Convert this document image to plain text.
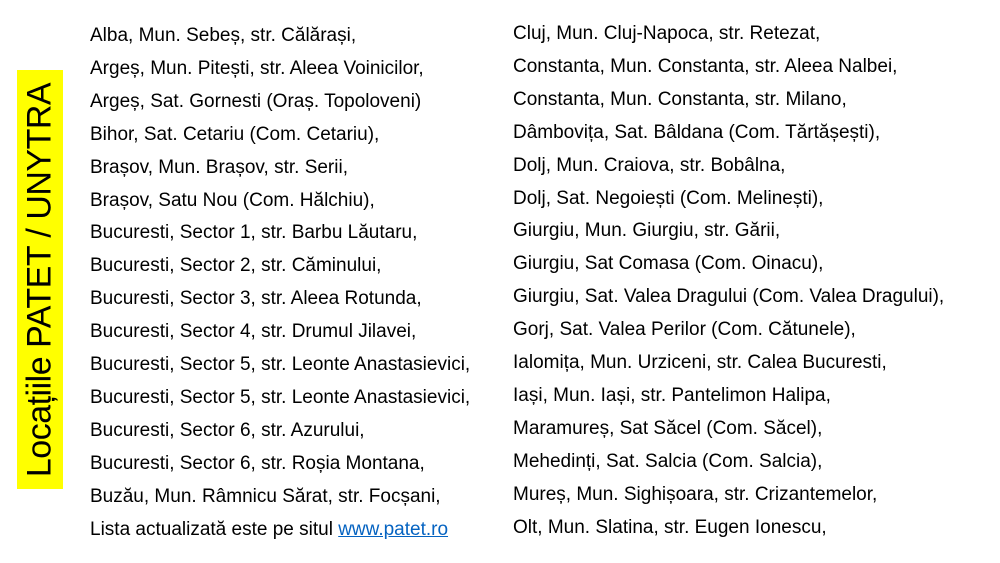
Locațiile PATET / UNYTRA

Alba, Mun. Sebeș, str. Călărași,

Argeș, Mun. Pitești, str. Aleea Voinicilor,

Argeș, Sat. Gornesti (Oraș. Topoloveni)

Bihor, Sat. Cetariu (Com. Cetariu),

Brașov, Mun. Brașov, str. Serii,

Brașov, Satu Nou (Com. Hălchiu),

Bucuresti, Sector 1, str. Barbu Lăutaru,

Bucuresti, Sector 2, str. Căminului,

Bucuresti, Sector 3, str. Aleea Rotunda,

Bucuresti, Sector 4, str. Drumul Jilavei,

Bucuresti, Sector 5, str. Leonte Anastasievici,

Bucuresti, Sector 5, str. Leonte Anastasievici,

Bucuresti, Sector 6, str. Azurului,

Bucuresti, Sector 6, str. Roșia Montana,

Buzău, Mun. Râmnicu Sărat, str. Focșani,

Lista actualizată este pe situl www.patet.ro

Cluj, Mun. Cluj-Napoca, str. Retezat,

Constanta, Mun. Constanta, str. Aleea Nalbei,

Constanta, Mun. Constanta, str. Milano,

Dâmbovița, Sat. Bâldana (Com. Tărtășești),

Dolj, Mun. Craiova, str. Bobâlna,

Dolj, Sat. Negoiești (Com. Melinești),

Giurgiu, Mun. Giurgiu, str. Gării,

Giurgiu, Sat Comasa (Com. Oinacu),

Giurgiu, Sat. Valea Dragului (Com. Valea Dragului),

Gorj, Sat. Valea Perilor (Com. Cătunele),

Ialomița, Mun. Urziceni, str. Calea Bucuresti,

Iași, Mun. Iași, str. Pantelimon Halipa,

Maramureș, Sat Săcel (Com. Săcel),

Mehedinți, Sat. Salcia (Com. Salcia),

Mureș, Mun. Sighișoara, str. Crizantemelor,

Olt, Mun. Slatina, str. Eugen Ionescu,
